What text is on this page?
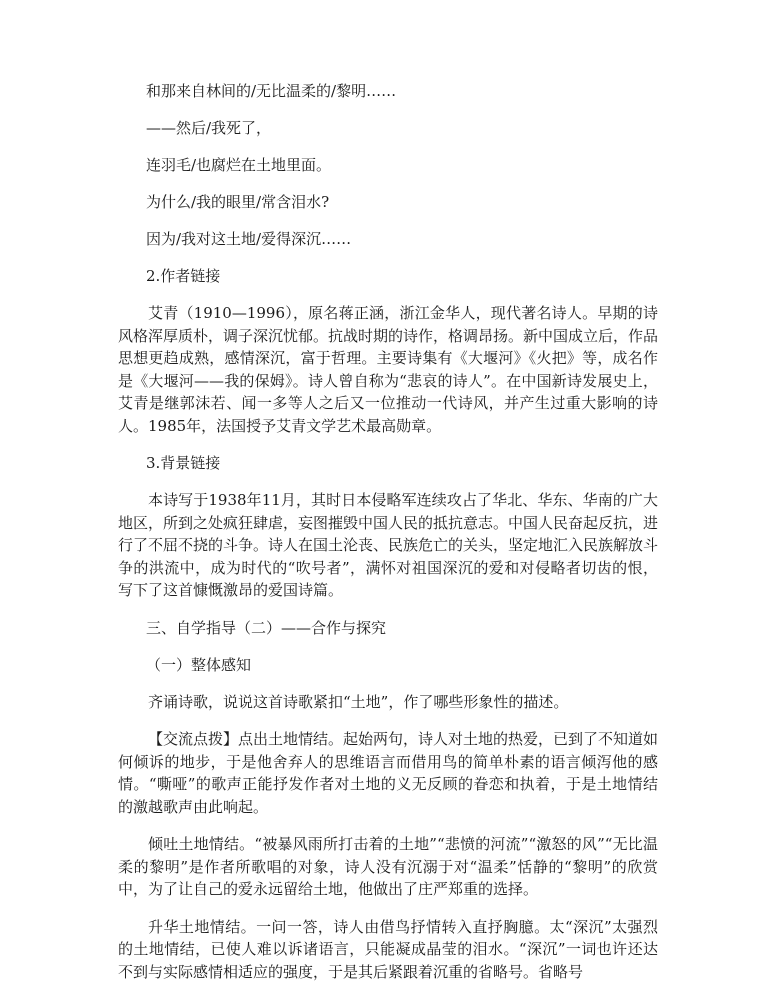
和那来自林间的/无比温柔的/黎明……

——然后/我死了，

连羽毛/也腐烂在土地里面。

为什么/我的眼里/常含泪水?

因为/我对这土地/爱得深沉……

2.作者链接

艾青（1910—1996），原名蒋正涵，浙江金华人，现代著名诗人。早期的诗风格浑厚质朴，调子深沉忧郁。抗战时期的诗作，格调昂扬。新中国成立后，作品思想更趋成熟，感情深沉，富于哲理。主要诗集有《大堰河》《火把》等，成名作是《大堰河——我的保姆》。诗人曾自称为“悲哀的诗人”。在中国新诗发展史上，艾青是继郭沫若、闻一多等人之后又一位推动一代诗风，并产生过重大影响的诗人。1985年，法国授予艾青文学艺术最高勋章。

3.背景链接

本诗写于1938年11月，其时日本侵略军连续攻占了华北、华东、华南的广大地区，所到之处疯狂肆虐，妄图摧毁中国人民的抵抗意志。中国人民奋起反抗，进行了不屈不挠的斗争。诗人在国土沦丧、民族危亡的关头，坚定地汇入民族解放斗争的洪流中，成为时代的“吹号者”，满怀对祖国深沉的爱和对侵略者切齿的恨，写下了这首慷慨激昂的爱国诗篇。

三、自学指导（二）——合作与探究

（一）整体感知

齐诵诗歌，说说这首诗歌紧扣“土地”，作了哪些形象性的描述。

【交流点拨】点出土地情结。起始两句，诗人对土地的热爱，已到了不知道如何倾诉的地步，于是他舍弃人的思维语言而借用鸟的简单朴素的语言倾泻他的感情。“嘶哑”的歌声正能抒发作者对土地的义无反顾的眷恋和执着，于是土地情结的激越歌声由此响起。

倾吐土地情结。“被暴风雨所打击着的土地”“悲愤的河流”“激怒的风”“无比温柔的黎明”是作者所歌唱的对象，诗人没有沉溺于对“温柔”恬静的“黎明”的欣赏中，为了让自己的爱永远留给土地，他做出了庄严郑重的选择。

升华土地情结。一问一答，诗人由借鸟抒情转入直抒胸臆。太“深沉”太强烈的土地情结，已使人难以诉诸语言，只能凝成晶莹的泪水。“深沉”一词也许还达不到与实际感情相适应的强度，于是其后紧跟着沉重的省略号。省略号
